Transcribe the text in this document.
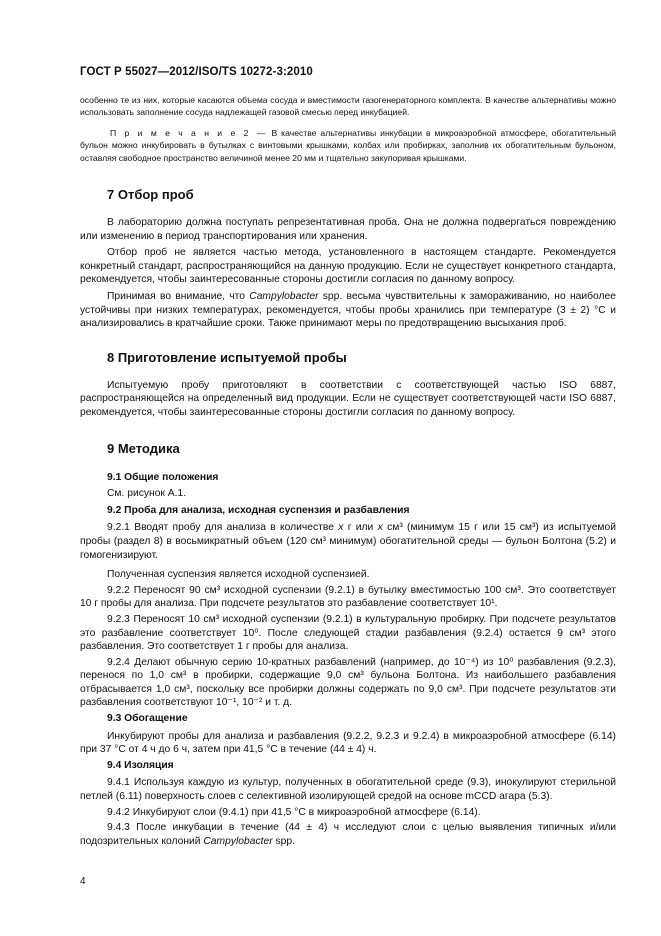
ГОСТ Р 55027—2012/ISO/TS 10272-3:2010

особенно те из них, которые касаются объема сосуда и вместимости газогенераторного комплекта. В качестве альтернативы можно использовать заполнение сосуда надлежащей газовой смесью перед инкубацией.

П р и м е ч а н и е 2 — В качестве альтернативы инкубации в микроаэробной атмосфере, обогатительный бульон можно инкубировать в бутылках с винтовыми крышками, колбах или пробирках, заполнив их обогатительным бульоном, оставляя свободное пространство величиной менее 20 мм и тщательно закупоривая крышками.

7 Отбор проб

В лабораторию должна поступать репрезентативная проба. Она не должна подвергаться повреждению или изменению в период транспортирования или хранения.

Отбор проб не является частью метода, установленного в настоящем стандарте. Рекомендуется конкретный стандарт, распространяющийся на данную продукцию. Если не существует конкретного стандарта, рекомендуется, чтобы заинтересованные стороны достигли согласия по данному вопросу.

Принимая во внимание, что Campylobacter spp. весьма чувствительны к замораживанию, но наиболее устойчивы при низких температурах, рекомендуется, чтобы пробы хранились при температуре (3 ± 2) °С и анализировались в кратчайшие сроки. Также принимают меры по предотвращению высыхания проб.

8 Приготовление испытуемой пробы

Испытуемую пробу приготовляют в соответствии с соответствующей частью ISO 6887, распространяющейся на определенный вид продукции. Если не существует соответствующей части ISO 6887, рекомендуется, чтобы заинтересованные стороны достигли согласия по данному вопросу.

9 Методика

9.1 Общие положения

См. рисунок А.1.

9.2 Проба для анализа, исходная суспензия и разбавления

9.2.1 Вводят пробу для анализа в количестве x г или x см³ (минимум 15 г или 15 см³) из испытуемой пробы (раздел 8) в восьмикратный объем (120 см³ минимум) обогатительной среды — бульон Болтона (5.2) и гомогенизируют.

Полученная суспензия является исходной суспензией.

9.2.2 Переносят 90 см³ исходной суспензии (9.2.1) в бутылку вместимостью 100 см³. Это соответствует 10 г пробы для анализа. При подсчете результатов это разбавление соответствует 10¹.

9.2.3 Переносят 10 см³ исходной суспензии (9.2.1) в культуральную пробирку. При подсчете результатов это разбавление соответствует 10⁰. После следующей стадии разбавления (9.2.4) остается 9 см³ этого разбавления. Это соответствует 1 г пробы для анализа.

9.2.4 Делают обычную серию 10-кратных разбавлений (например, до 10⁻⁴) из 10⁰ разбавления (9.2.3), перенося по 1,0 см³ в пробирки, содержащие 9,0 см³ бульона Болтона. Из наибольшего разбавления отбрасывается 1,0 см³, поскольку все пробирки должны содержать по 9,0 см³. При подсчете результатов эти разбавления соответствуют 10⁻¹, 10⁻² и т. д.

9.3 Обогащение

Инкубируют пробы для анализа и разбавления (9.2.2, 9.2.3 и 9.2.4) в микроаэробной атмосфере (6.14) при 37 °С от 4 ч до 6 ч, затем при 41,5 °С в течение (44 ± 4) ч.

9.4 Изоляция

9.4.1 Используя каждую из культур, полученных в обогатительной среде (9.3), инокулируют стерильной петлей (6.11) поверхность слоев с селективной изолирующей средой на основе mCCD агара (5.3).

9.4.2 Инкубируют слои (9.4.1) при 41,5 °С в микроаэробной атмосфере (6.14).

9.4.3 После инкубации в течение (44 ± 4) ч исследуют слои с целью выявления типичных и/или подозрительных колоний Campylobacter spp.

4
